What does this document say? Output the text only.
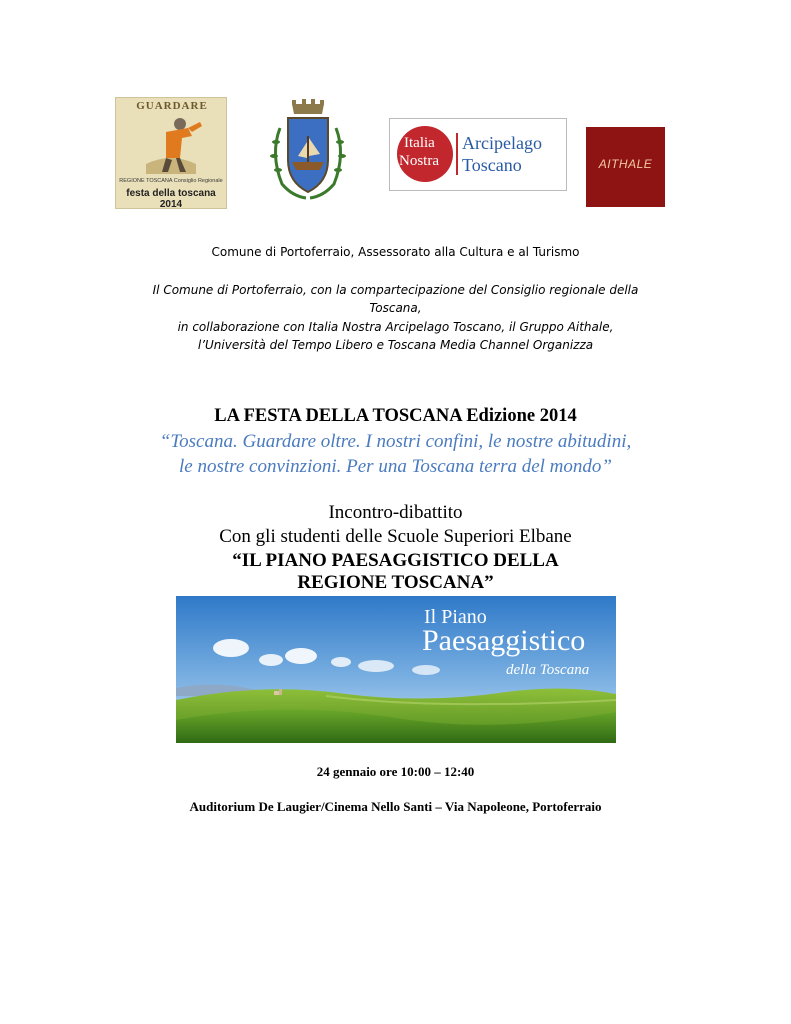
GUARDARE
REGIONE TOSCANA Consiglio Regionale
festa della toscana 2014
Italia
Nostra
Arcipelago
Toscano	AITHALE
Comune di Portoferraio, Assessorato alla Cultura e al Turismo
Il Comune di Portoferraio, con la compartecipazione del Consiglio regionale della
Toscana,
in collaborazione con Italia Nostra Arcipelago Toscano, il Gruppo Aithale,
l’Università del Tempo Libero e Toscana Media Channel Organizza
LA FESTA DELLA TOSCANA Edizione 2014
“Toscana. Guardare oltre. I nostri confini, le nostre abitudini,
le nostre convinzioni. Per una Toscana terra del mondo”
Incontro-dibattito
Con gli studenti delle Scuole Superiori Elbane
“IL PIANO PAESAGGISTICO DELLA
REGIONE TOSCANA”
Il Piano
Paesaggistico
della Toscana
24 gennaio ore 10:00 – 12:40
Auditorium De Laugier/Cinema Nello Santi – Via Napoleone, Portoferraio
